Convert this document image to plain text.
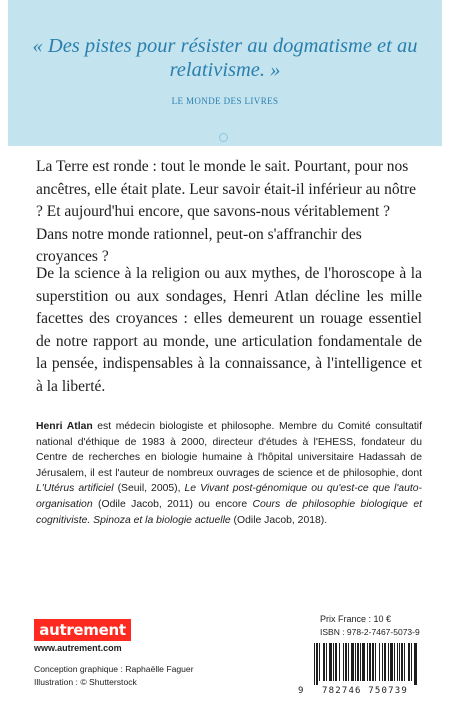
« Des pistes pour résister au dogmatisme et au relativisme. »
LE MONDE DES LIVRES

La Terre est ronde : tout le monde le sait. Pourtant, pour nos ancêtres, elle était plate. Leur savoir était-il inférieur au nôtre ? Et aujourd'hui encore, que savons-nous véritablement ? Dans notre monde rationnel, peut-on s'affranchir des croyances ?

De la science à la religion ou aux mythes, de l'horoscope à la superstition ou aux sondages, Henri Atlan décline les mille facettes des croyances : elles demeurent un rouage essentiel de notre rapport au monde, une articulation fondamentale de la pensée, indispensables à la connaissance, à l'intelligence et à la liberté.

Henri Atlan est médecin biologiste et philosophe. Membre du Comité consultatif national d'éthique de 1983 à 2000, directeur d'études à l'EHESS, fondateur du Centre de recherches en biologie humaine à l'hôpital universitaire Hadassah de Jérusalem, il est l'auteur de nombreux ouvrages de science et de philosophie, dont L'Utérus artificiel (Seuil, 2005), Le Vivant post-génomique ou qu'est-ce que l'auto-organisation (Odile Jacob, 2011) ou encore Cours de philosophie biologique et cognitiviste. Spinoza et la biologie actuelle (Odile Jacob, 2018).

autrement
www.autrement.com
Conception graphique : Raphaëlle Faguer
Illustration : © Shutterstock
Prix France : 10 €
ISBN : 978-2-7467-5073-9
9	782746 750739
